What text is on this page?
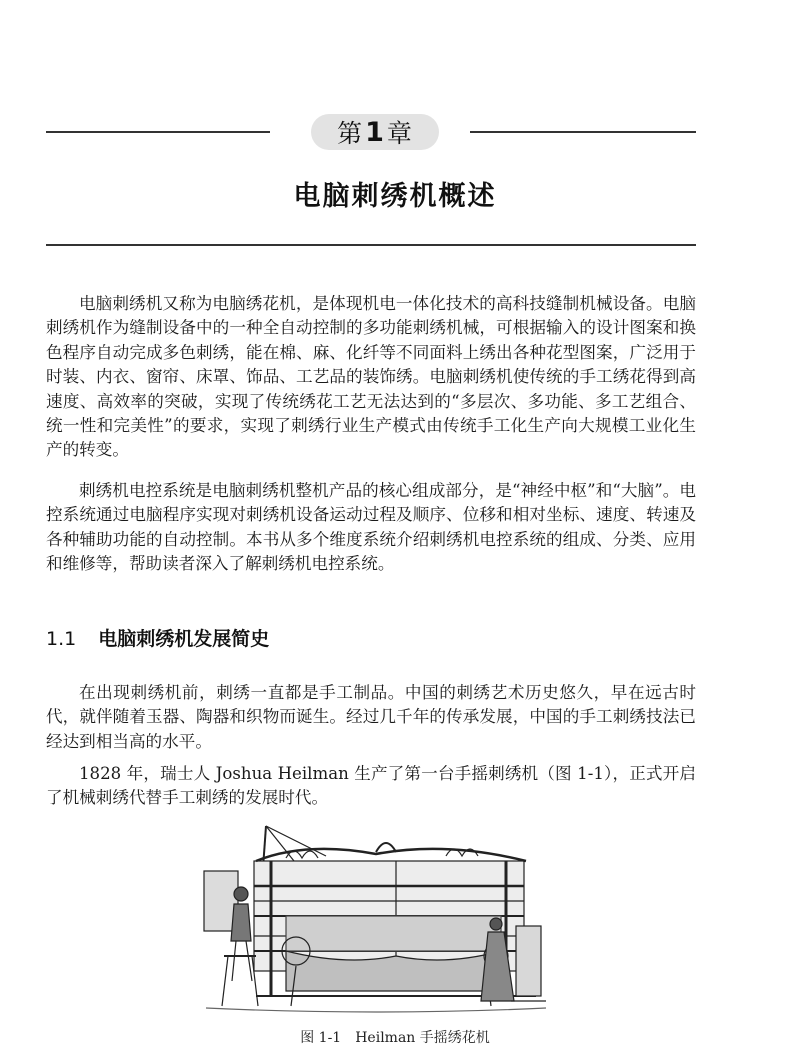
第 1 章
电脑刺绣机概述

电脑刺绣机又称为电脑绣花机，是体现机电一体化技术的高科技缝制机械设备。电脑刺绣机作为缝制设备中的一种全自动控制的多功能刺绣机械，可根据输入的设计图案和换色程序自动完成多色刺绣，能在棉、麻、化纤等不同面料上绣出各种花型图案，广泛用于时装、内衣、窗帘、床罩、饰品、工艺品的装饰绣。电脑刺绣机使传统的手工绣花得到高速度、高效率的突破，实现了传统绣花工艺无法达到的“多层次、多功能、多工艺组合、统一性和完美性”的要求，实现了刺绣行业生产模式由传统手工化生产向大规模工业化生产的转变。

刺绣机电控系统是电脑刺绣机整机产品的核心组成部分，是“神经中枢”和“大脑”。电控系统通过电脑程序实现对刺绣机设备运动过程及顺序、位移和相对坐标、速度、转速及各种辅助功能的自动控制。本书从多个维度系统介绍刺绣机电控系统的组成、分类、应用和维修等，帮助读者深入了解刺绣机电控系统。

1.1 电脑刺绣机发展简史

在出现刺绣机前，刺绣一直都是手工制品。中国的刺绣艺术历史悠久，早在远古时代，就伴随着玉器、陶器和织物而诞生。经过几千年的传承发展，中国的手工刺绣技法已经达到相当高的水平。

1828 年，瑞士人 Joshua Heilman 生产了第一台手摇刺绣机（图 1-1），正式开启了机械刺绣代替手工刺绣的发展时代。

图 1-1 Heilman 手摇绣花机
